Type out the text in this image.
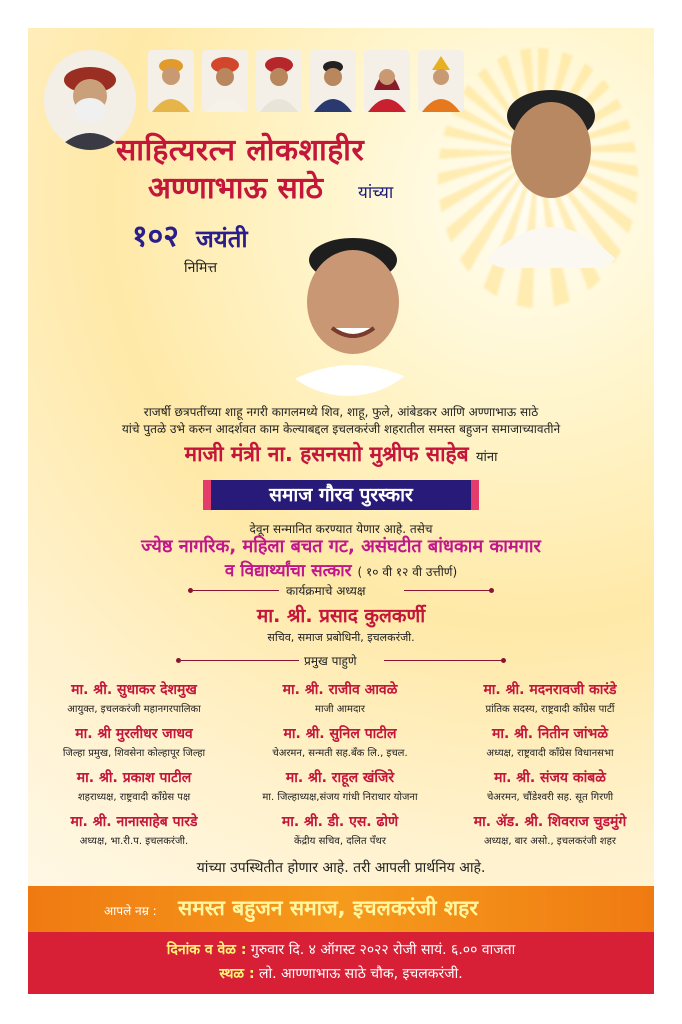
साहित्यरत्न लोकशाहीर
अण्णाभाऊ साठे यांच्या
१०२ जयंती
निमित्त
राजर्षी छत्रपतींच्या शाहू नगरी कागलमध्ये शिव, शाहू, फुले, आंबेडकर आणि अण्णाभाऊ साठे
यांचे पुतळे उभे करुन आदर्शवत काम केल्याबद्दल इचलकरंजी शहरातील समस्त बहुजन समाजाच्यावतीने
माजी मंत्री ना. हसनसाो मुश्रीफ साहेब यांना
समाज गौरव पुरस्कार
देवून सन्मानित करण्यात येणार आहे. तसेच
ज्येष्ठ नागरिक, महिला बचत गट, असंघटीत बांधकाम कामगार
व विद्यार्थ्यांचा सत्कार ( १० वी १२ वी उत्तीर्ण)
कार्यक्रमाचे अध्यक्ष
मा. श्री. प्रसाद कुलकर्णी
सचिव, समाज प्रबोधिनी, इचलकरंजी.
प्रमुख पाहुणे
मा. श्री. सुधाकर देशमुख
आयुक्त, इचलकरंजी महानगरपालिका
मा. श्री. राजीव आवळे
माजी आमदार
मा. श्री. मदनरावजी कारंडे
प्रांतिक सदस्य, राष्ट्रवादी कॉंग्रेस पार्टी
मा. श्री मुरलीधर जाधव
जिल्हा प्रमुख, शिवसेना कोल्हापूर जिल्हा
मा. श्री. सुनिल पाटील
चेअरमन, सन्मती सह.बँक लि., इचल.
मा. श्री. नितीन जांभळे
अध्यक्ष, राष्ट्रवादी कॉंग्रेस विधानसभा
मा. श्री. प्रकाश पाटील
शहराध्यक्ष, राष्ट्रवादी कॉंग्रेस पक्ष
मा. श्री. राहूल खंजिरे
मा. जिल्हाध्यक्ष,संजय गांधी निराधार योजना
मा. श्री. संजय कांबळे
चेअरमन, चौंडेश्वरी सह. सूत गिरणी
मा. श्री. नानासाहेब पारडे
अध्यक्ष, भा.री.प. इचलकरंजी.
मा. श्री. डी. एस. ढोणे
केंद्रीय सचिव, दलित पँथर
मा. ॲड. श्री. शिवराज चुडमुंगे
अध्यक्ष, बार असो., इचलकरंजी शहर
यांच्या उपस्थितीत होणार आहे. तरी आपली प्रार्थनिय आहे.
आपले नम्र : समस्त बहुजन समाज, इचलकरंजी शहर
दिनांक व वेळ : गुरुवार दि. ४ ऑगस्ट २०२२ रोजी सायं. ६.०० वाजता
स्थळ : लो. आण्णाभाऊ साठे चौक, इचलकरंजी.
